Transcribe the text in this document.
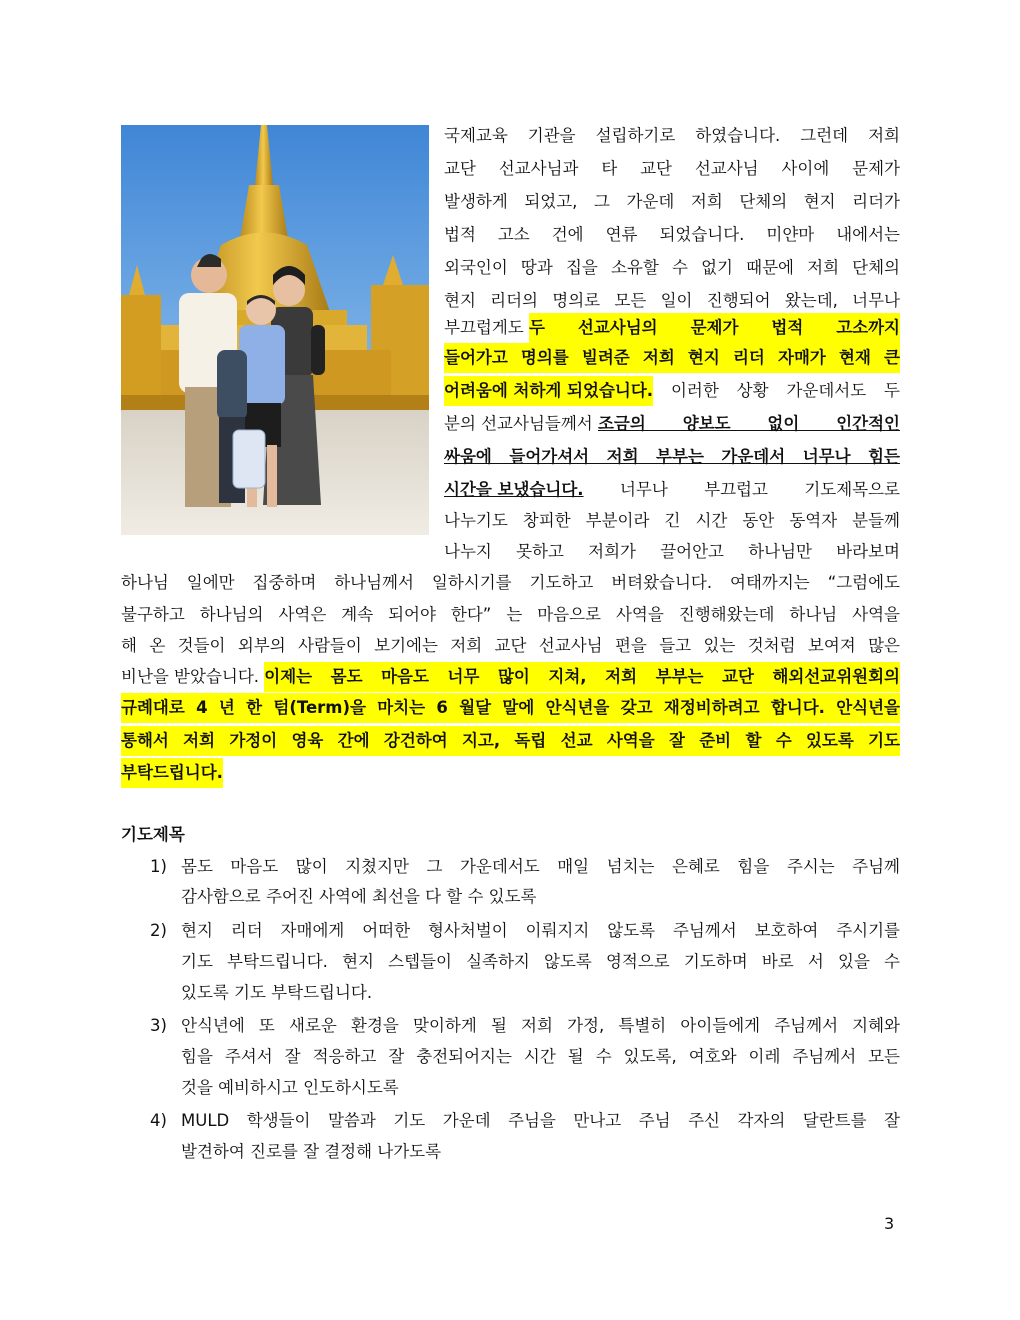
국제교육 기관을 설립하기로 하였습니다. 그런데 저희
교단 선교사님과 타 교단 선교사님 사이에 문제가
발생하게 되었고, 그 가운데 저희 단체의 현지 리더가
법적 고소 건에 연류 되었습니다. 미얀마 내에서는
외국인이 땅과 집을 소유할 수 없기 때문에 저희 단체의
현지 리더의 명의로 모든 일이 진행되어 왔는데, 너무나
부끄럽게도 두 선교사님의 문제가 법적 고소까지
들어가고 명의를 빌려준 저희 현지 리더 자매가 현재 큰
어려움에 처하게 되었습니다. 이러한 상황 가운데서도 두
분의 선교사님들께서 조금의 양보도 없이 인간적인
싸움에 들어가셔서 저희 부부는 가운데서 너무나 힘든
시간을 보냈습니다. 너무나 부끄럽고 기도제목으로
나누기도 창피한 부분이라 긴 시간 동안 동역자 분들께
나누지 못하고 저희가 끌어안고 하나님만 바라보며
하나님 일에만 집중하며 하나님께서 일하시기를 기도하고 버텨왔습니다. 여태까지는 “그럼에도
불구하고 하나님의 사역은 계속 되어야 한다” 는 마음으로 사역을 진행해왔는데 하나님 사역을
해 온 것들이 외부의 사람들이 보기에는 저희 교단 선교사님 편을 들고 있는 것처럼 보여져 많은
비난을 받았습니다. 이제는 몸도 마음도 너무 많이 지쳐, 저희 부부는 교단 해외선교위원회의
규례대로 4 년 한 텀(Term)을 마치는 6 월달 말에 안식년을 갖고 재정비하려고 합니다. 안식년을
통해서 저희 가정이 영육 간에 강건하여 지고, 독립 선교 사역을 잘 준비 할 수 있도록 기도
부탁드립니다.
기도제목
1) 몸도 마음도 많이 지쳤지만 그 가운데서도 매일 넘치는 은혜로 힘을 주시는 주님께
감사함으로 주어진 사역에 최선을 다 할 수 있도록
2) 현지 리더 자매에게 어떠한 형사처벌이 이뤄지지 않도록 주님께서 보호하여 주시기를
기도 부탁드립니다. 현지 스텝들이 실족하지 않도록 영적으로 기도하며 바로 서 있을 수
있도록 기도 부탁드립니다.
3) 안식년에 또 새로운 환경을 맞이하게 될 저희 가정, 특별히 아이들에게 주님께서 지혜와
힘을 주셔서 잘 적응하고 잘 충전되어지는 시간 될 수 있도록, 여호와 이레 주님께서 모든
것을 예비하시고 인도하시도록
4) MULD 학생들이 말씀과 기도 가운데 주님을 만나고 주님 주신 각자의 달란트를 잘
발견하여 진로를 잘 결정해 나가도록
3
